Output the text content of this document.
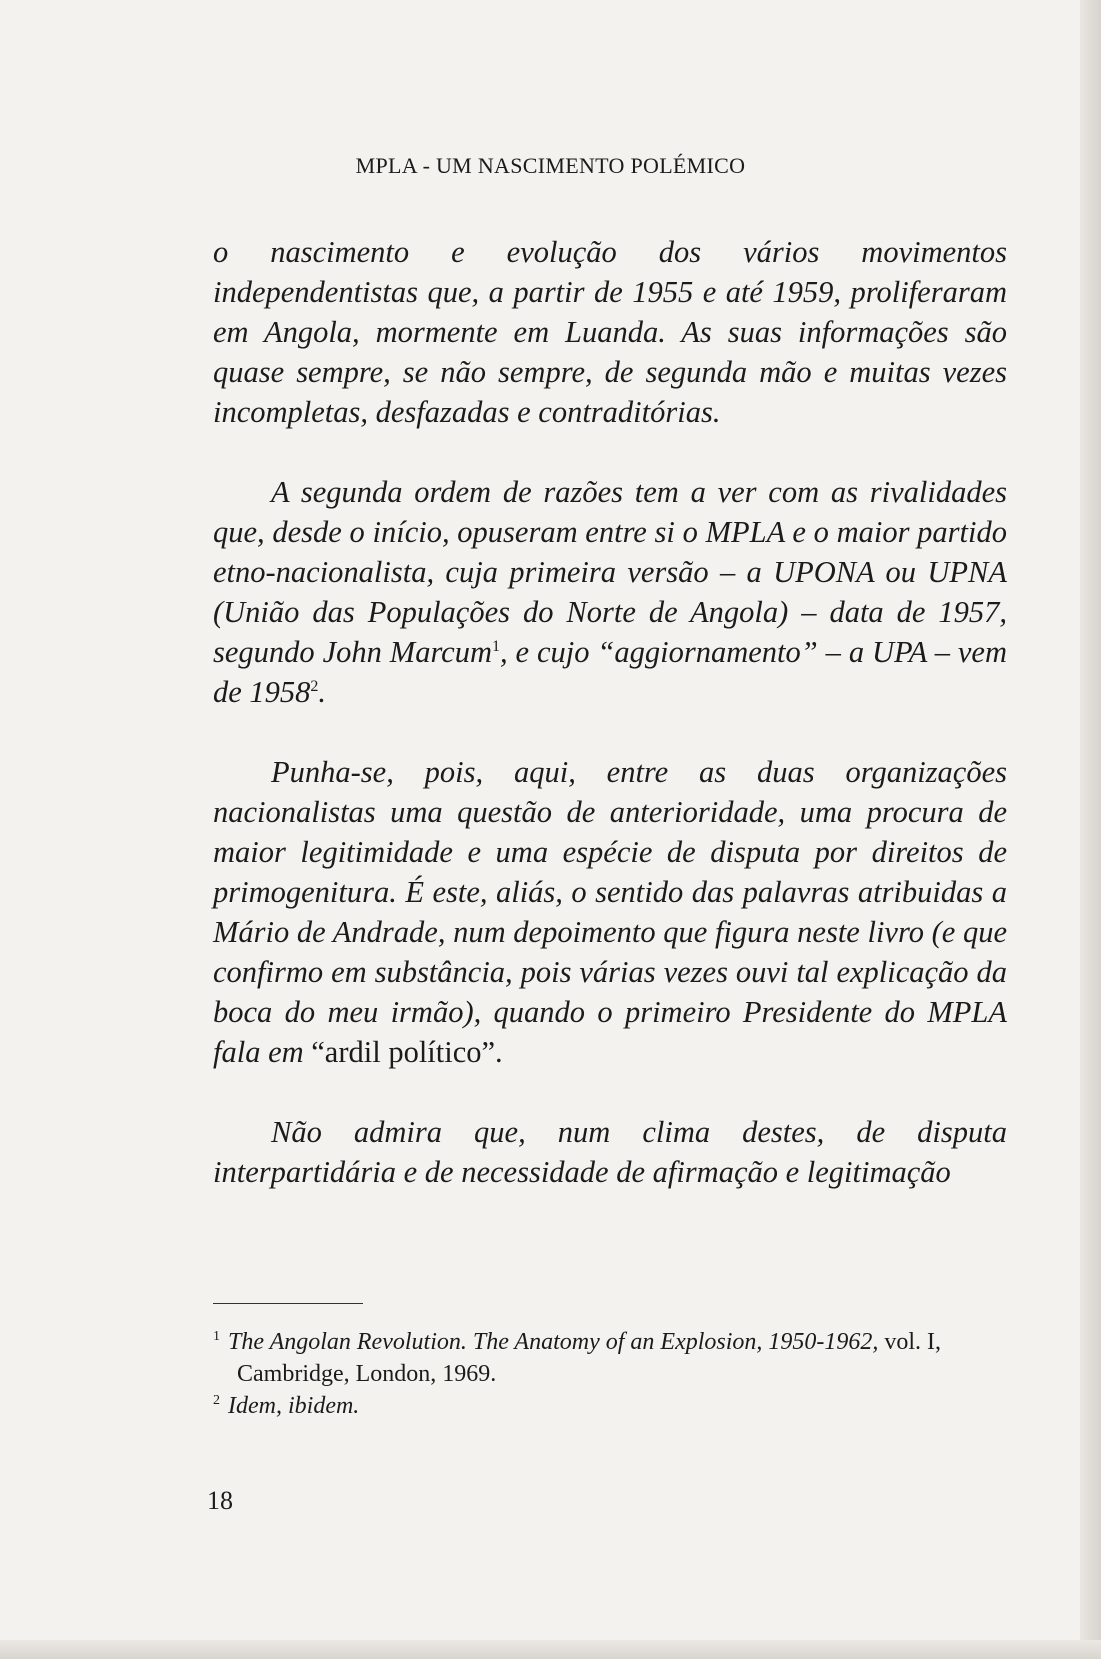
MPLA - UM NASCIMENTO POLÉMICO

o nascimento e evolução dos vários movimentos independentistas que, a partir de 1955 e até 1959, proliferaram em Angola, mormente em Luanda. As suas informações são quase sempre, se não sempre, de segunda mão e muitas vezes incompletas, desfazadas e contraditórias.

A segunda ordem de razões tem a ver com as rivalidades que, desde o início, opuseram entre si o MPLA e o maior partido etno-nacionalista, cuja primeira versão – a UPONA ou UPNA (União das Populações do Norte de Angola) – data de 1957, segundo John Marcum$^1$, e cujo “aggiornamento” – a UPA – vem de 1958$^2$.

Punha-se, pois, aqui, entre as duas organizações nacionalistas uma questão de anterioridade, uma procura de maior legitimidade e uma espécie de disputa por direitos de primogenitura. É este, aliás, o sentido das palavras atribuidas a Mário de Andrade, num depoimento que figura neste livro (e que confirmo em substância, pois várias vezes ouvi tal explicação da boca do meu irmão), quando o primeiro Presidente do MPLA fala em “ardil político”.

Não admira que, num clima destes, de disputa interpartidária e de necessidade de afirmação e legitimação

$^1$ The Angolan Revolution. The Anatomy of an Explosion, 1950-1962, vol. I, Cambridge, London, 1969.

$^2$ Idem, ibidem.

18
